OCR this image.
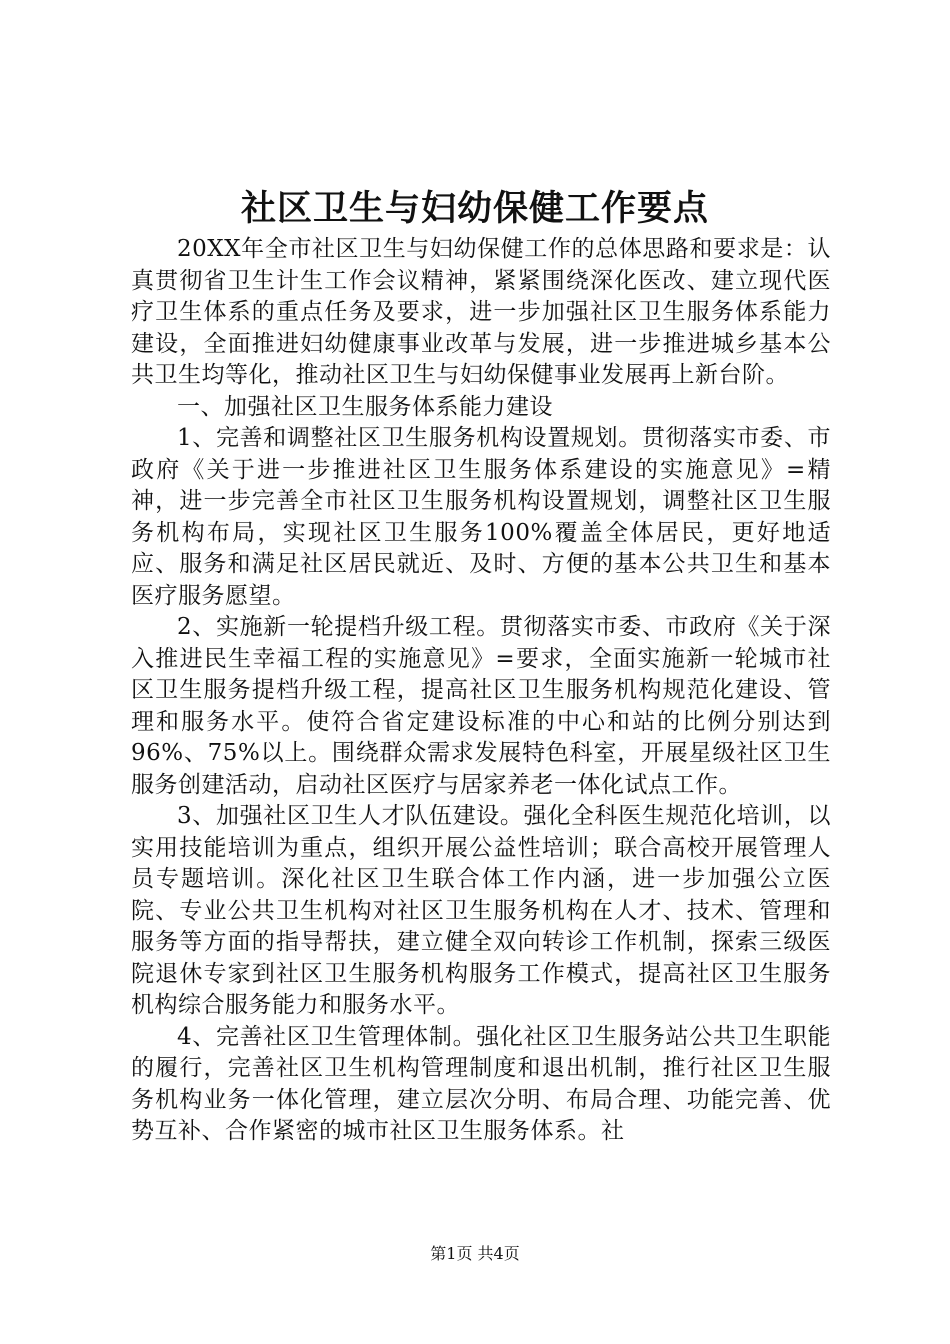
社区卫生与妇幼保健工作要点

20XX年全市社区卫生与妇幼保健工作的总体思路和要求是：认真贯彻省卫生计生工作会议精神，紧紧围绕深化医改、建立现代医疗卫生体系的重点任务及要求，进一步加强社区卫生服务体系能力建设，全面推进妇幼健康事业改革与发展，进一步推进城乡基本公共卫生均等化，推动社区卫生与妇幼保健事业发展再上新台阶。

一、加强社区卫生服务体系能力建设

1、完善和调整社区卫生服务机构设置规划。贯彻落实市委、市政府《关于进一步推进社区卫生服务体系建设的实施意见》=精神，进一步完善全市社区卫生服务机构设置规划，调整社区卫生服务机构布局，实现社区卫生服务100%覆盖全体居民，更好地适应、服务和满足社区居民就近、及时、方便的基本公共卫生和基本医疗服务愿望。

2、实施新一轮提档升级工程。贯彻落实市委、市政府《关于深入推进民生幸福工程的实施意见》=要求，全面实施新一轮城市社区卫生服务提档升级工程，提高社区卫生服务机构规范化建设、管理和服务水平。使符合省定建设标准的中心和站的比例分别达到96%、75%以上。围绕群众需求发展特色科室，开展星级社区卫生服务创建活动，启动社区医疗与居家养老一体化试点工作。

3、加强社区卫生人才队伍建设。强化全科医生规范化培训，以实用技能培训为重点，组织开展公益性培训；联合高校开展管理人员专题培训。深化社区卫生联合体工作内涵，进一步加强公立医院、专业公共卫生机构对社区卫生服务机构在人才、技术、管理和服务等方面的指导帮扶，建立健全双向转诊工作机制，探索三级医院退休专家到社区卫生服务机构服务工作模式，提高社区卫生服务机构综合服务能力和服务水平。

4、完善社区卫生管理体制。强化社区卫生服务站公共卫生职能的履行，完善社区卫生机构管理制度和退出机制，推行社区卫生服务机构业务一体化管理，建立层次分明、布局合理、功能完善、优势互补、合作紧密的城市社区卫生服务体系。社

第1页 共4页
